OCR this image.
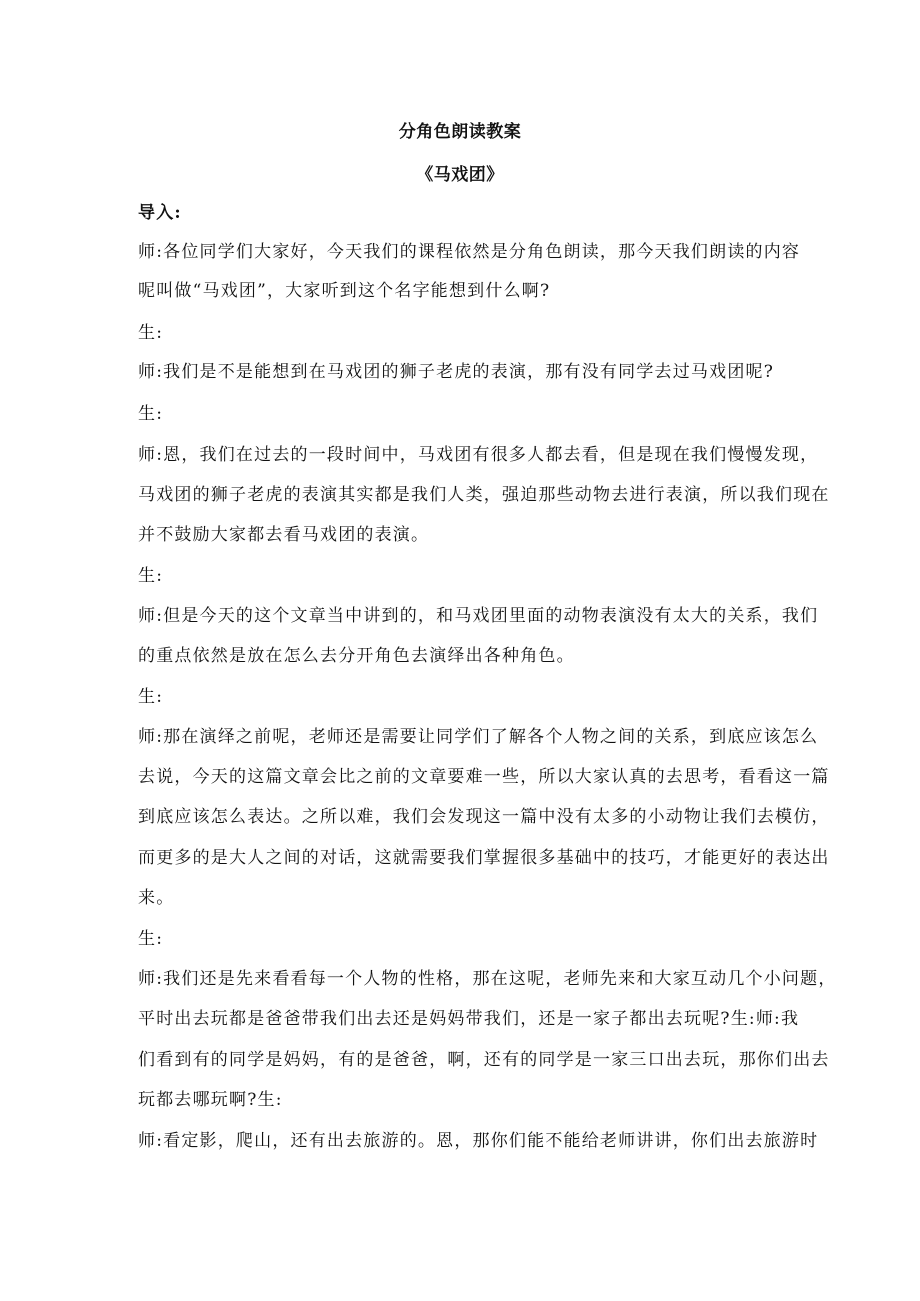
分角色朗读教案
《马戏团》
导入:
师:各位同学们大家好，今天我们的课程依然是分角色朗读，那今天我们朗读的内容
呢叫做“马戏团”，大家听到这个名字能想到什么啊?
生:
师:我们是不是能想到在马戏团的狮子老虎的表演，那有没有同学去过马戏团呢?
生:
师:恩，我们在过去的一段时间中，马戏团有很多人都去看，但是现在我们慢慢发现，
马戏团的狮子老虎的表演其实都是我们人类，强迫那些动物去进行表演，所以我们现在
并不鼓励大家都去看马戏团的表演。
生:
师:但是今天的这个文章当中讲到的，和马戏团里面的动物表演没有太大的关系，我们
的重点依然是放在怎么去分开角色去演绎出各种角色。
生:
师:那在演绎之前呢，老师还是需要让同学们了解各个人物之间的关系，到底应该怎么
去说，今天的这篇文章会比之前的文章要难一些，所以大家认真的去思考，看看这一篇
到底应该怎么表达。之所以难，我们会发现这一篇中没有太多的小动物让我们去模仿，
而更多的是大人之间的对话，这就需要我们掌握很多基础中的技巧，才能更好的表达出
来。
生:
师:我们还是先来看看每一个人物的性格，那在这呢，老师先来和大家互动几个小问题，
平时出去玩都是爸爸带我们出去还是妈妈带我们，还是一家子都出去玩呢?生:师:我
们看到有的同学是妈妈，有的是爸爸，啊，还有的同学是一家三口出去玩，那你们出去
玩都去哪玩啊?生:
师:看定影，爬山，还有出去旅游的。恩，那你们能不能给老师讲讲，你们出去旅游时
